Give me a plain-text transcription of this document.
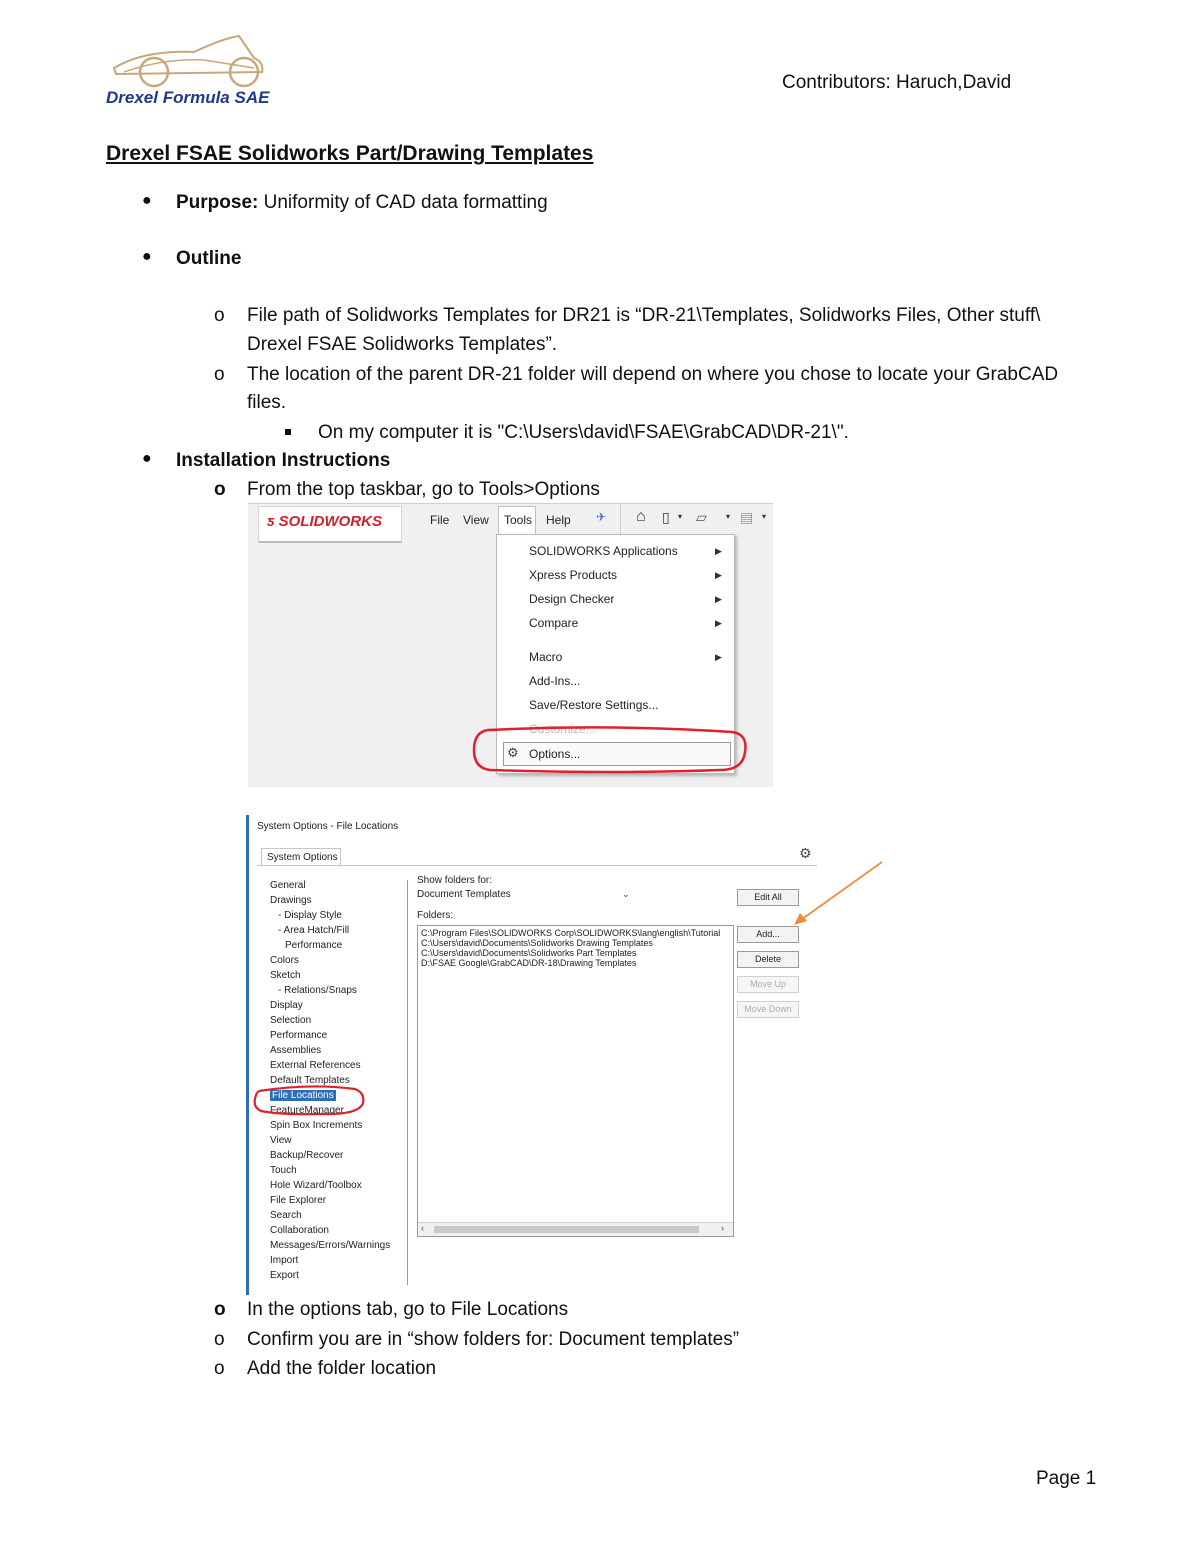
Drexel Formula SAE
Contributors: Haruch,David
Drexel FSAE Solidworks Part/Drawing Templates
● Purpose: Uniformity of CAD data formatting
● Outline
o File path of Solidworks Templates for DR21 is “DR-21\Templates, Solidworks Files, Other stuff\
Drexel FSAE Solidworks Templates”.
o The location of the parent DR-21 folder will depend on where you chose to locate your GrabCAD
files.
On my computer it is "C:\Users\david\FSAE\GrabCAD\DR-21\".
● Installation Instructions
o From the top taskbar, go to Tools>Options
ƽ SOLIDWORKS	File View Tools Help ✈ ⌂ ▯ ▾ ▱ ▾ ▤ ▾
SOLIDWORKS Applications	▶
Xpress Products	▶
Design Checker	▶
Compare	▶
Macro	▶
Add-Ins...
Save/Restore Settings...
Customize...
⚙ Options...
System Options - File Locations
System Options	⚙
General
Drawings
- Display Style
- Area Hatch/Fill
Performance
Colors
Sketch
- Relations/Snaps
Display
Selection
Performance
Assemblies
External References
Default Templates
File Locations
FeatureManager
Spin Box Increments
View
Backup/Recover
Touch
Hole Wizard/Toolbox
File Explorer
Search
Collaboration
Messages/Errors/Warnings
Import
Export
Show folders for:
Document Templates	⌄
Folders:
C:\Program Files\SOLIDWORKS Corp\SOLIDWORKS\lang\english\Tutorial
C:\Users\david\Documents\Solidworks Drawing Templates
C:\Users\david\Documents\Solidworks Part Templates
D:\FSAE Google\GrabCAD\DR-18\Drawing Templates
‹	›
Edit All
Add...
Delete
Move Up
Move Down
o In the options tab, go to File Locations
o Confirm you are in “show folders for: Document templates”
o Add the folder location
Page 1
